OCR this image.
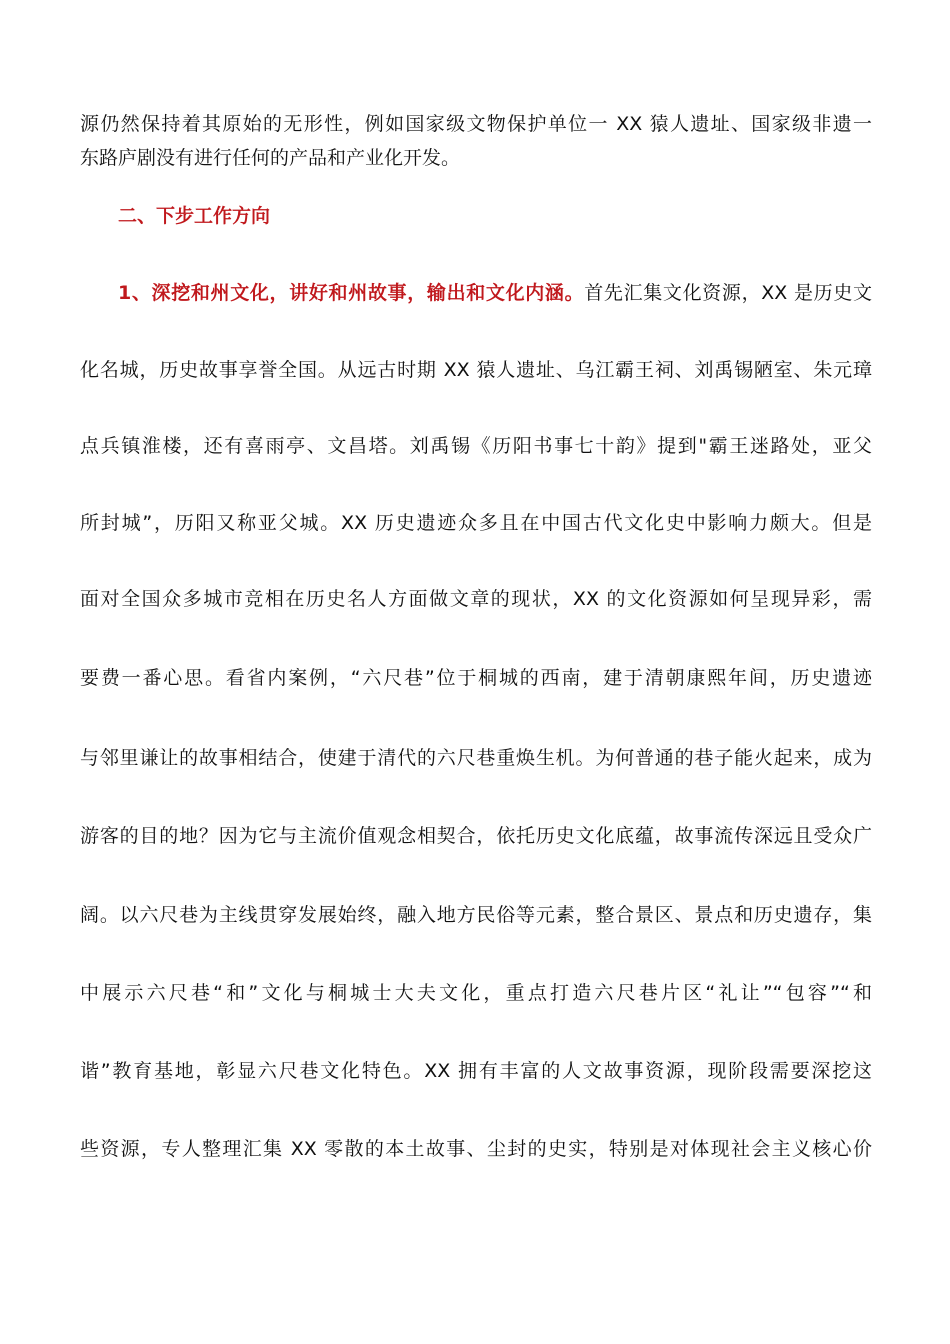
源仍然保持着其原始的无形性，例如国家级文物保护单位一 XX 猿人遗址、国家级非遗一
东路庐剧没有进行任何的产品和产业化开发。
二、下步工作方向
1、深挖和州文化，讲好和州故事，输出和文化内涵。首先汇集文化资源，XX 是历史文
化名城，历史故事享誉全国。从远古时期 XX 猿人遗址、乌江霸王祠、刘禹锡陋室、朱元璋
点兵镇淮楼，还有喜雨亭、文昌塔。刘禹锡《历阳书事七十韵》提到"霸王迷路处，亚父
所封城”，历阳又称亚父城。XX 历史遗迹众多且在中国古代文化史中影响力颇大。但是
面对全国众多城市竞相在历史名人方面做文章的现状，XX 的文化资源如何呈现异彩，需
要费一番心思。看省内案例，“六尺巷”位于桐城的西南，建于清朝康熙年间，历史遗迹
与邻里谦让的故事相结合，使建于清代的六尺巷重焕生机。为何普通的巷子能火起来，成为
游客的目的地？因为它与主流价值观念相契合，依托历史文化底蕴，故事流传深远且受众广
阔。以六尺巷为主线贯穿发展始终，融入地方民俗等元素，整合景区、景点和历史遗存，集
中展示六尺巷“和”文化与桐城士大夫文化，重点打造六尺巷片区“礼让”“包容”“和
谐”教育基地，彰显六尺巷文化特色。XX 拥有丰富的人文故事资源，现阶段需要深挖这
些资源，专人整理汇集 XX 零散的本土故事、尘封的史实，特别是对体现社会主义核心价
